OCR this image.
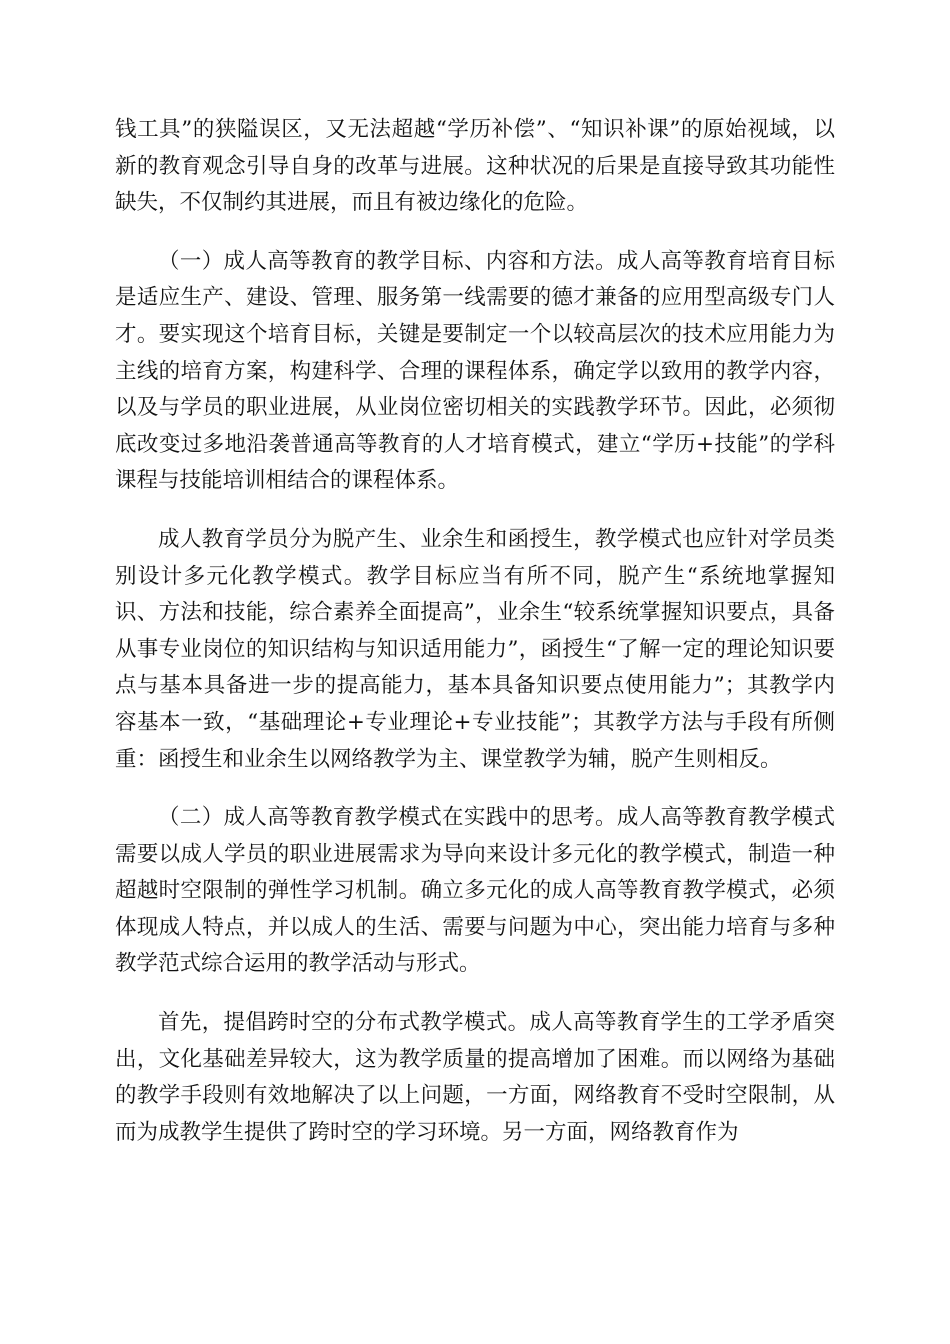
钱工具”的狭隘误区，又无法超越“学历补偿”、“知识补课”的原始视域，以新的教育观念引导自身的改革与进展。这种状况的后果是直接导致其功能性缺失，不仅制约其进展，而且有被边缘化的危险。

（一）成人高等教育的教学目标、内容和方法。成人高等教育培育目标是适应生产、建设、管理、服务第一线需要的德才兼备的应用型高级专门人才。要实现这个培育目标，关键是要制定一个以较高层次的技术应用能力为主线的培育方案，构建科学、合理的课程体系，确定学以致用的教学内容，以及与学员的职业进展，从业岗位密切相关的实践教学环节。因此，必须彻底改变过多地沿袭普通高等教育的人才培育模式，建立“学历+技能”的学科课程与技能培训相结合的课程体系。

成人教育学员分为脱产生、业余生和函授生，教学模式也应针对学员类别设计多元化教学模式。教学目标应当有所不同，脱产生“系统地掌握知识、方法和技能，综合素养全面提高”，业余生“较系统掌握知识要点，具备从事专业岗位的知识结构与知识适用能力”，函授生“了解一定的理论知识要点与基本具备进一步的提高能力，基本具备知识要点使用能力”；其教学内容基本一致，“基础理论+专业理论+专业技能”；其教学方法与手段有所侧重：函授生和业余生以网络教学为主、课堂教学为辅，脱产生则相反。

（二）成人高等教育教学模式在实践中的思考。成人高等教育教学模式需要以成人学员的职业进展需求为导向来设计多元化的教学模式，制造一种超越时空限制的弹性学习机制。确立多元化的成人高等教育教学模式，必须体现成人特点，并以成人的生活、需要与问题为中心，突出能力培育与多种教学范式综合运用的教学活动与形式。

首先，提倡跨时空的分布式教学模式。成人高等教育学生的工学矛盾突出，文化基础差异较大，这为教学质量的提高增加了困难。而以网络为基础的教学手段则有效地解决了以上问题，一方面，网络教育不受时空限制，从而为成教学生提供了跨时空的学习环境。另一方面，网络教育作为
